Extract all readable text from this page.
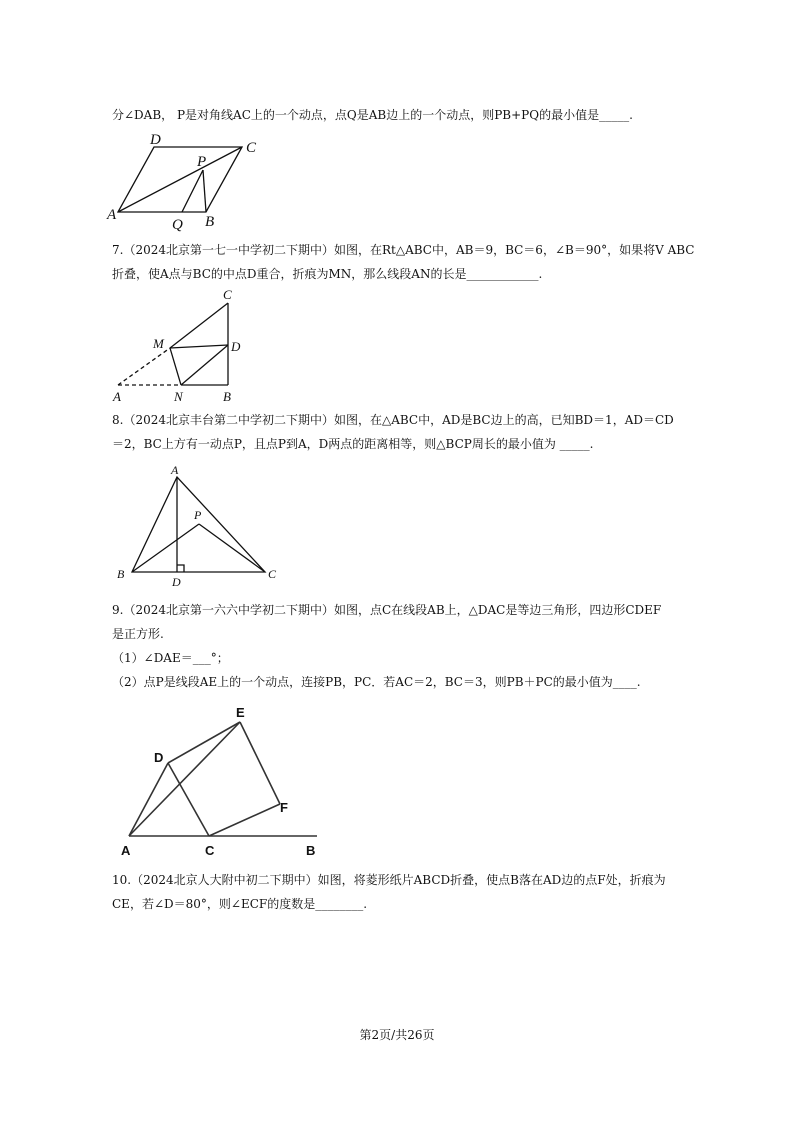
分∠DAB， P是对角线AC上的一个动点，点Q是AB边上的一个动点，则PB+PQ的最小值是_____.
D	C
P
A
Q B
7.（2024北京第一七一中学初二下期中）如图，在Rt△ABC中，AB＝9，BC＝6，∠B＝90°，如果将V ABC
折叠，使A点与BC的中点D重合，折痕为MN，那么线段AN的长是____________.
C
M	D
A	N	B
8.（2024北京丰台第二中学初二下期中）如图，在△ABC中，AD是BC边上的高，已知BD＝1，AD＝CD
＝2，BC上方有一动点P，且点P到A，D两点的距离相等，则△BCP周长的最小值为 _____.
A
P
B
D
C
9.（2024北京第一六六中学初二下期中）如图，点C在线段AB上，△DAC是等边三角形，四边形CDEF
是正方形.
（1）∠DAE＝___°；
（2）点P是线段AE上的一个动点，连接PB，PC．若AC＝2，BC＝3，则PB＋PC的最小值为____.
E
D
F
A	C	B
10.（2024北京人大附中初二下期中）如图，将菱形纸片ABCD折叠，使点B落在AD边的点F处，折痕为
CE，若∠D＝80°，则∠ECF的度数是________.
第2页/共26页
